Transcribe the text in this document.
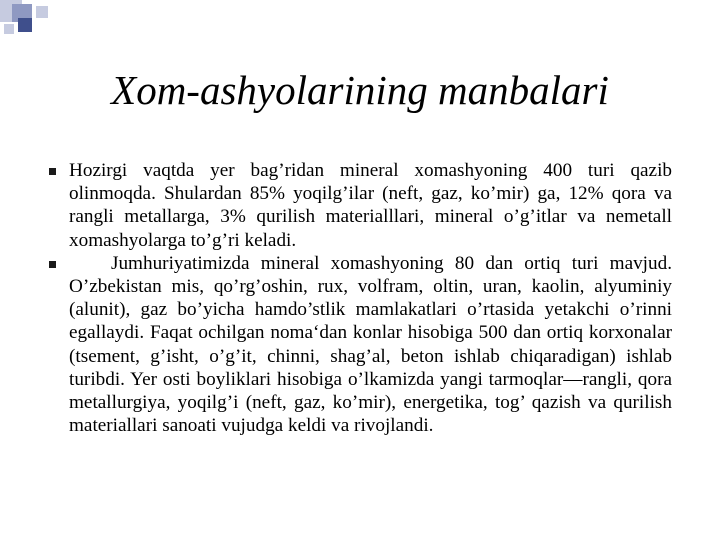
Xom-ashyolarining manbalari
Hozirgi vaqtda yer bag’ridan mineral xomashyoning 400 turi qazib olinmoqda. Shulardan 85% yoqilg’ilar (neft, gaz, ko’mir) ga, 12% qora va rangli metallarga, 3% qurilish materialllari, mineral o’g’itlar va nemetall xomashyolarga to’g’ri keladi.
Jumhuriyatimizda mineral xomashyoning 80 dan ortiq turi mavjud. O’zbekistan mis, qo’rg’oshin, rux, volfram, oltin, uran, kaolin, alyuminiy (alunit), gaz bo’yicha hamdo’stlik mamlakatlari o’rtasida yetakchi o’rinni egallaydi. Faqat ochilgan noma‘dan konlar hisobiga 500 dan ortiq korxonalar (tsement, g’isht, o’g’it, chinni, shag’al, beton ishlab chiqaradigan) ishlab turibdi. Yer osti boyliklari hisobiga o’lkamizda yangi tarmoqlar—rangli, qora metallurgiya, yoqilg’i (neft, gaz, ko’mir), energetika, tog’ qazish va qurilish materiallari sanoati vujudga keldi va rivojlandi.
